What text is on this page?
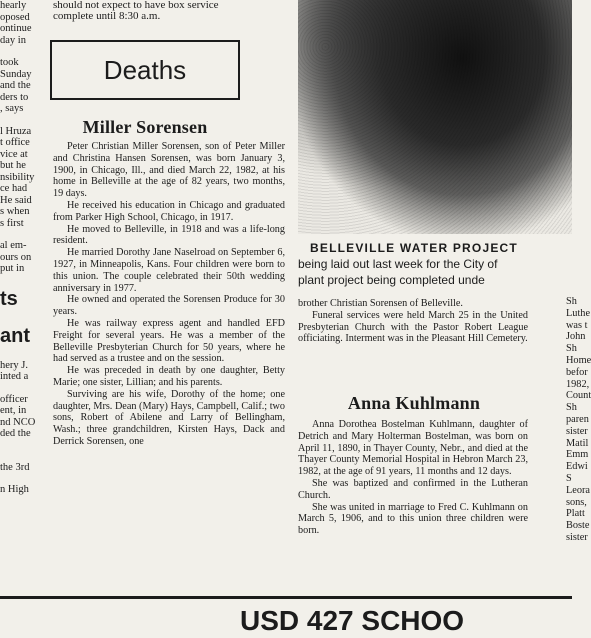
hearly
oposed
ontinue
day in
took
Sunday
and the
ders to
, says
l Hruza
t office
vice at
but he
nsibility
ce had
He said
s when
s first
al em-
ours on
put in
ts
ant
hery J.
inted a
officer
ent, in
nd NCO
ded the
the 3rd
n High
should not expect to have box service
complete until 8:30 a.m.
Deaths
Miller Sorensen

Peter Christian Miller Sorensen, son of Peter Miller and Christina Hansen Sorensen, was born January 3, 1900, in Chicago, Ill., and died March 22, 1982, at his home in Belleville at the age of 82 years, two months, 19 days.

He received his education in Chicago and graduated from Parker High School, Chicago, in 1917.

He moved to Belleville, in 1918 and was a life-long resident.

He married Dorothy Jane Naselroad on September 6, 1927, in Minneapolis, Kans. Four children were born to this union. The couple celebrated their 50th wedding anniversary in 1977.

He owned and operated the Sorensen Produce for 30 years.

He was railway express agent and handled EFD Freight for several years. He was a member of the Belleville Presbyterian Church for 50 years, where he had served as a trustee and on the session.

He was preceded in death by one daughter, Betty Marie; one sister, Lillian; and his parents.

Surviving are his wife, Dorothy of the home; one daughter, Mrs. Dean (Mary) Hays, Campbell, Calif.; two sons, Robert of Abilene and Larry of Bellingham, Wash.; three grandchildren, Kirsten Hays, Dack and Derrick Sorensen, one

BELLEVILLE WATER PROJECT
being laid out last week for the City of
plant project being completed unde

brother Christian Sorensen of Belleville.

Funeral services were held March 25 in the United Presbyterian Church with the Pastor Robert League officiating. Interment was in the Pleasant Hill Cemetery.

Anna Kuhlmann

Anna Dorothea Bostelman Kuhlmann, daughter of Detrich and Mary Holterman Bostelman, was born on April 11, 1890, in Thayer County, Nebr., and died at the Thayer County Memorial Hospital in Hebron March 23, 1982, at the age of 91 years, 11 months and 12 days.

She was baptized and confirmed in the Lutheran Church.

She was united in marriage to Fred C. Kuhlmann on March 5, 1906, and to this union three children were born.

Sh
Luthe
was t
John
Sh
Home
befor
1982,
Count
Sh
paren
sister
Matil
Emm
Edwi
S
Leora
sons,
Platt
Boste
sister
USD 427 SCHOO
